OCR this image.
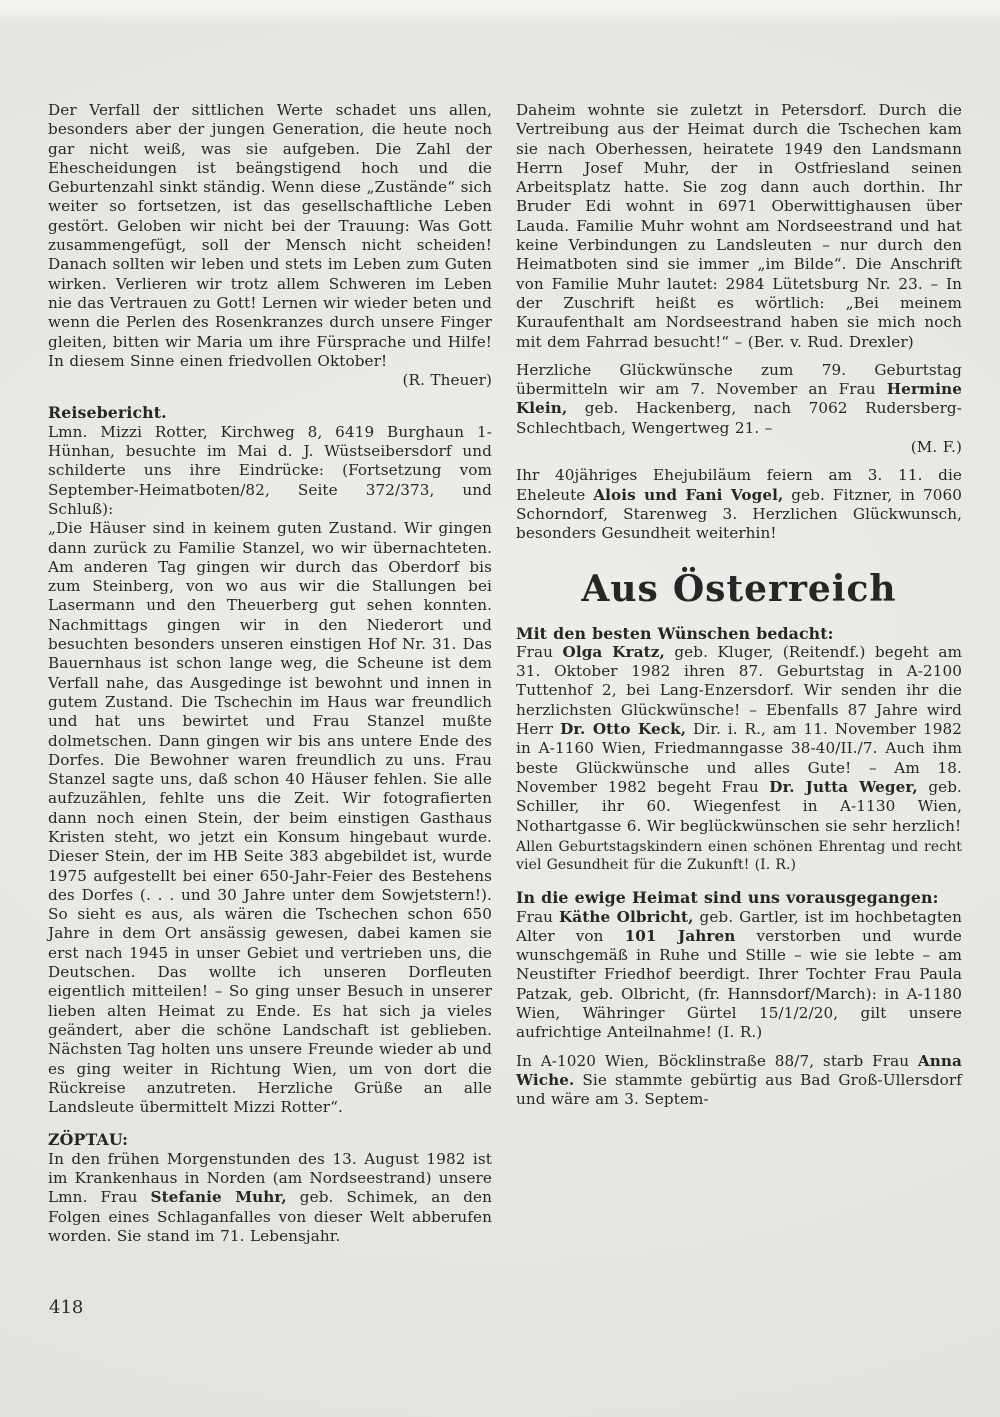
Der Verfall der sittlichen Werte schadet uns allen, besonders aber der jungen Generation, die heute noch gar nicht weiß, was sie aufgeben. Die Zahl der Ehescheidungen ist beängstigend hoch und die Geburtenzahl sinkt ständig. Wenn diese „Zustände“ sich weiter so fortsetzen, ist das gesellschaftliche Leben gestört. Geloben wir nicht bei der Trauung: Was Gott zusammengefügt, soll der Mensch nicht scheiden! Danach sollten wir leben und stets im Leben zum Guten wirken. Verlieren wir trotz allem Schweren im Leben nie das Vertrauen zu Gott! Lernen wir wieder beten und wenn die Perlen des Rosenkranzes durch unsere Finger gleiten, bitten wir Maria um ihre Fürsprache und Hilfe! In diesem Sinne einen friedvollen Oktober!
(R. Theuer)
Reisebericht.
Lmn. Mizzi Rotter, Kirchweg 8, 6419 Burghaun 1-Hünhan, besuchte im Mai d. J. Wüstseibersdorf und schilderte uns ihre Eindrücke: (Fortsetzung vom September-Heimatboten/82, Seite 372/373, und Schluß):
„Die Häuser sind in keinem guten Zustand. Wir gingen dann zurück zu Familie Stanzel, wo wir übernachteten. Am anderen Tag gingen wir durch das Oberdorf bis zum Steinberg, von wo aus wir die Stallungen bei Lasermann und den Theuerberg gut sehen konnten. Nachmittags gingen wir in den Niederort und besuchten besonders unseren einstigen Hof Nr. 31. Das Bauernhaus ist schon lange weg, die Scheune ist dem Verfall nahe, das Ausgedinge ist bewohnt und innen in gutem Zustand. Die Tschechin im Haus war freundlich und hat uns bewirtet und Frau Stanzel mußte dolmetschen. Dann gingen wir bis ans untere Ende des Dorfes. Die Bewohner waren freundlich zu uns. Frau Stanzel sagte uns, daß schon 40 Häuser fehlen. Sie alle aufzuzählen, fehlte uns die Zeit. Wir fotografierten dann noch einen Stein, der beim einstigen Gasthaus Kristen steht, wo jetzt ein Konsum hingebaut wurde. Dieser Stein, der im HB Seite 383 abgebildet ist, wurde 1975 aufgestellt bei einer 650-Jahr-Feier des Bestehens des Dorfes (. . . und 30 Jahre unter dem Sowjetstern!). So sieht es aus, als wären die Tschechen schon 650 Jahre in dem Ort ansässig gewesen, dabei kamen sie erst nach 1945 in unser Gebiet und vertrieben uns, die Deutschen. Das wollte ich unseren Dorfleuten eigentlich mitteilen! – So ging unser Besuch in unserer lieben alten Heimat zu Ende. Es hat sich ja vieles geändert, aber die schöne Landschaft ist geblieben. Nächsten Tag holten uns unsere Freunde wieder ab und es ging weiter in Richtung Wien, um von dort die Rückreise anzutreten. Herzliche Grüße an alle Landsleute übermittelt Mizzi Rotter“.
ZÖPTAU:
In den frühen Morgenstunden des 13. August 1982 ist im Krankenhaus in Norden (am Nordseestrand) unsere Lmn. Frau Stefanie Muhr, geb. Schimek, an den Folgen eines Schlaganfalles von dieser Welt abberufen worden. Sie stand im 71. Lebensjahr.
Daheim wohnte sie zuletzt in Petersdorf. Durch die Vertreibung aus der Heimat durch die Tschechen kam sie nach Oberhessen, heiratete 1949 den Landsmann Herrn Josef Muhr, der in Ostfriesland seinen Arbeitsplatz hatte. Sie zog dann auch dorthin. Ihr Bruder Edi wohnt in 6971 Oberwittighausen über Lauda. Familie Muhr wohnt am Nordseestrand und hat keine Verbindungen zu Landsleuten – nur durch den Heimatboten sind sie immer „im Bilde“. Die Anschrift von Familie Muhr lautet: 2984 Lütetsburg Nr. 23. – In der Zuschrift heißt es wörtlich: „Bei meinem Kuraufenthalt am Nordseestrand haben sie mich noch mit dem Fahrrad besucht!“ – (Ber. v. Rud. Drexler)
Herzliche Glückwünsche zum 79. Geburtstag übermitteln wir am 7. November an Frau Hermine Klein, geb. Hackenberg, nach 7062 Rudersberg-Schlechtbach, Wengertweg 21. –
(M. F.)
Ihr 40jähriges Ehejubiläum feiern am 3. 11. die Eheleute Alois und Fani Vogel, geb. Fitzner, in 7060 Schorndorf, Starenweg 3. Herzlichen Glückwunsch, besonders Gesundheit weiterhin!
Aus Österreich
Mit den besten Wünschen bedacht:
Frau Olga Kratz, geb. Kluger, (Reitendf.) begeht am 31. Oktober 1982 ihren 87. Geburtstag in A-2100 Tuttenhof 2, bei Lang-Enzersdorf. Wir senden ihr die herzlichsten Glückwünsche! – Ebenfalls 87 Jahre wird Herr Dr. Otto Keck, Dir. i. R., am 11. November 1982 in A-1160 Wien, Friedmanngasse 38-40/II./7. Auch ihm beste Glückwünsche und alles Gute! – Am 18. November 1982 begeht Frau Dr. Jutta Weger, geb. Schiller, ihr 60. Wiegenfest in A-1130 Wien, Nothartgasse 6. Wir beglückwünschen sie sehr herzlich!
Allen Geburtstagskindern einen schönen Ehrentag und recht viel Gesundheit für die Zukunft! (I. R.)
In die ewige Heimat sind uns vorausgegangen:
Frau Käthe Olbricht, geb. Gartler, ist im hochbetagten Alter von 101 Jahren verstorben und wurde wunschgemäß in Ruhe und Stille – wie sie lebte – am Neustifter Friedhof beerdigt. Ihrer Tochter Frau Paula Patzak, geb. Olbricht, (fr. Hannsdorf/March): in A-1180 Wien, Währinger Gürtel 15/1/2/20, gilt unsere aufrichtige Anteilnahme! (I. R.)
In A-1020 Wien, Böcklinstraße 88/7, starb Frau Anna Wiche. Sie stammte gebürtig aus Bad Groß-Ullersdorf und wäre am 3. Septem-
418
